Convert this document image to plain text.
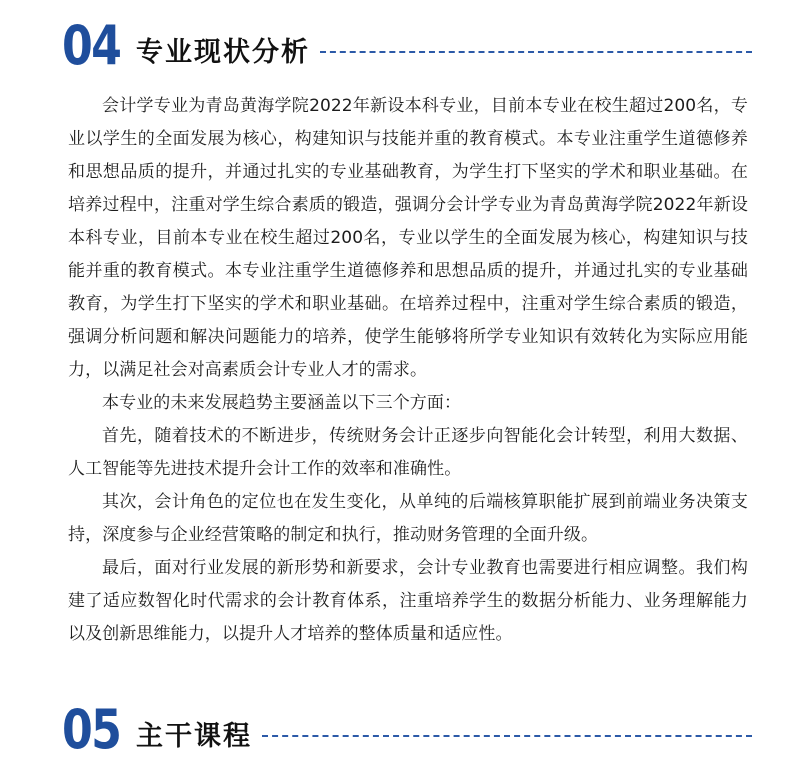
04 专业现状分析

会计学专业为青岛黄海学院2022年新设本科专业，目前本专业在校生超过200名，专业以学生的全面发展为核心，构建知识与技能并重的教育模式。本专业注重学生道德修养和思想品质的提升，并通过扎实的专业基础教育，为学生打下坚实的学术和职业基础。在培养过程中，注重对学生综合素质的锻造，强调分会计学专业为青岛黄海学院2022年新设本科专业，目前本专业在校生超过200名，专业以学生的全面发展为核心，构建知识与技能并重的教育模式。本专业注重学生道德修养和思想品质的提升，并通过扎实的专业基础教育，为学生打下坚实的学术和职业基础。在培养过程中，注重对学生综合素质的锻造，强调分析问题和解决问题能力的培养，使学生能够将所学专业知识有效转化为实际应用能力，以满足社会对高素质会计专业人才的需求。

本专业的未来发展趋势主要涵盖以下三个方面：

首先，随着技术的不断进步，传统财务会计正逐步向智能化会计转型，利用大数据、人工智能等先进技术提升会计工作的效率和准确性。

其次，会计角色的定位也在发生变化，从单纯的后端核算职能扩展到前端业务决策支持，深度参与企业经营策略的制定和执行，推动财务管理的全面升级。

最后，面对行业发展的新形势和新要求，会计专业教育也需要进行相应调整。我们构建了适应数智化时代需求的会计教育体系，注重培养学生的数据分析能力、业务理解能力以及创新思维能力，以提升人才培养的整体质量和适应性。

05 主干课程
